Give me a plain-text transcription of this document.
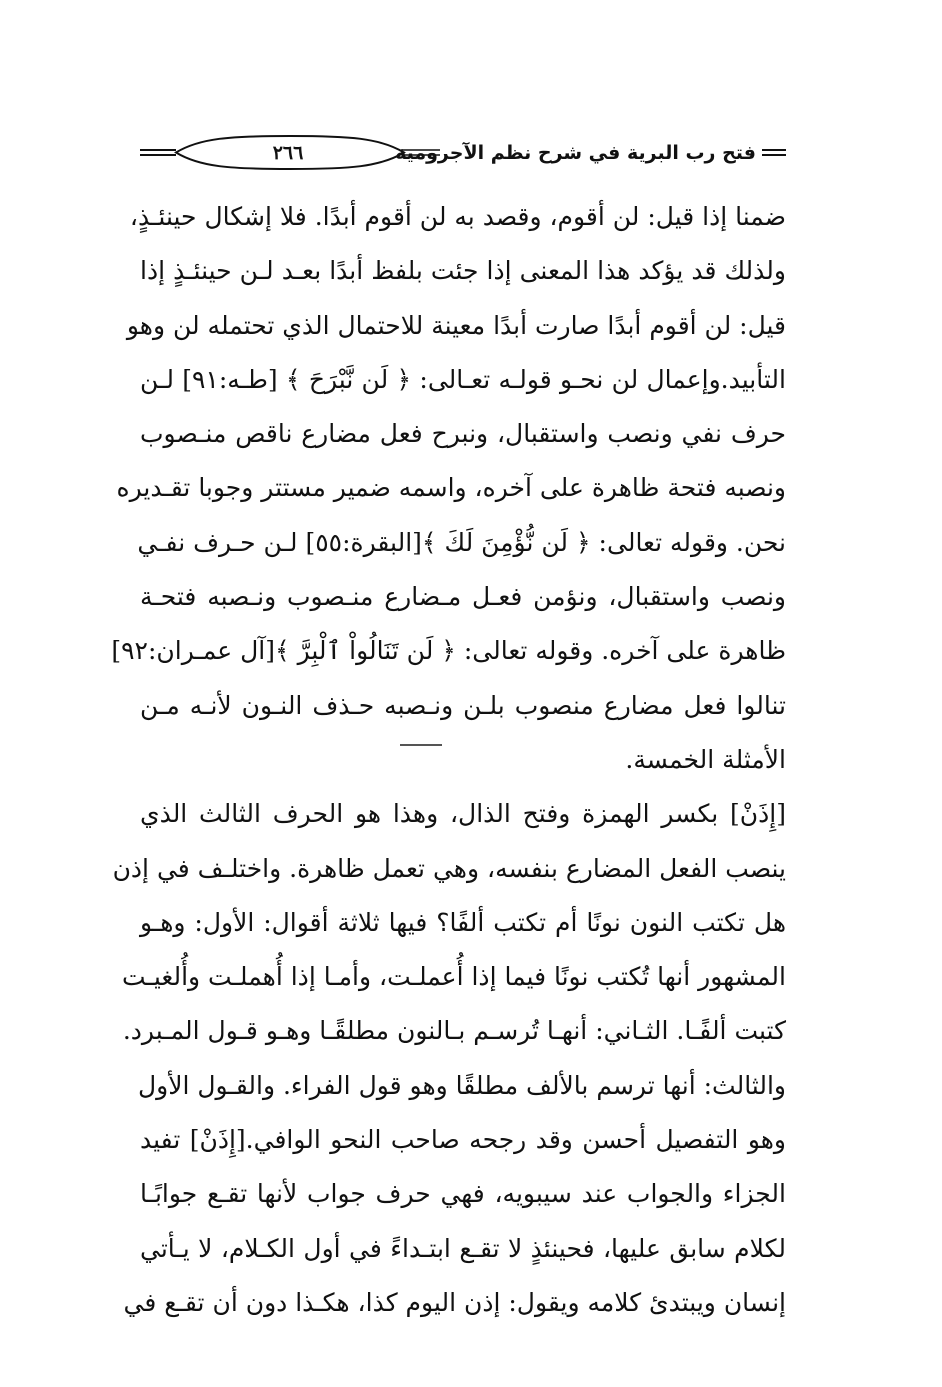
٢٦٦	فتح رب البرية في شرح نظم الآجرومية
ضمنا إذا قيل: لن أقوم، وقصد به لن أقوم أبدًا. فلا إشكال حينئـذٍ،
ولذلك قد يؤكد هذا المعنى إذا جئت بلفظ أبدًا بعـد لـن حينئـذٍ إذا
قيل: لن أقوم أبدًا صارت أبدًا معينة للاحتمال الذي تحتمله لن وهو
التأبيد.وإعمال لن نحـو قولـه تعـالى: ﴿ لَن نَّبْرَحَ ﴾ [طـه:٩١] لـن
حرف نفي ونصب واستقبال، ونبرح فعل مضارع ناقص منـصوب
ونصبه فتحة ظاهرة على آخره، واسمه ضمير مستتر وجوبا تقـديره
نحن. وقوله تعالى: ﴿ لَن نُّؤْمِنَ لَكَ ﴾[البقرة:٥٥] لـن حـرف نفـي
ونصب واستقبال، ونؤمن فعـل مـضارع منـصوب ونـصبه فتحـة
ظاهرة على آخره. وقوله تعالى: ﴿ لَن تَنَالُواْ ٱلْبِرَّ ﴾[آل عمـران:٩٢]
تنالوا فعل مضارع منصوب بلـن ونـصبه حـذف النـون لأنـه مـن
الأمثلة الخمسة.
[إِذَنْ] بكسر الهمزة وفتح الذال، وهذا هو الحرف الثالث الذي
ينصب الفعل المضارع بنفسه، وهي تعمل ظاهرة. واختلـف في إذن
هل تكتب النون نونًا أم تكتب ألفًا؟ فيها ثلاثة أقوال: الأول: وهـو
المشهور أنها تُكتب نونًا فيما إذا أُعملـت، وأمـا إذا أُهملـت وأُلغيـت
كتبت ألفًـا. الثـاني: أنهـا تُرسـم بـالنون مطلقًـا وهـو قـول المـبرد.
والثالث: أنها ترسم بالألف مطلقًا وهو قول الفراء. والقـول الأول
وهو التفصيل أحسن وقد رجحه صاحب النحو الوافي.[إِذَنْ] تفيد
الجزاء والجواب عند سيبويه، فهي حرف جواب لأنها تقـع جوابًـا
لكلام سابق عليها، فحينئذٍ لا تقـع ابتـداءً في أول الكـلام، لا يـأتي
إنسان ويبتدئ كلامه ويقول: إذن اليوم كذا، هكـذا دون أن تقـع في
